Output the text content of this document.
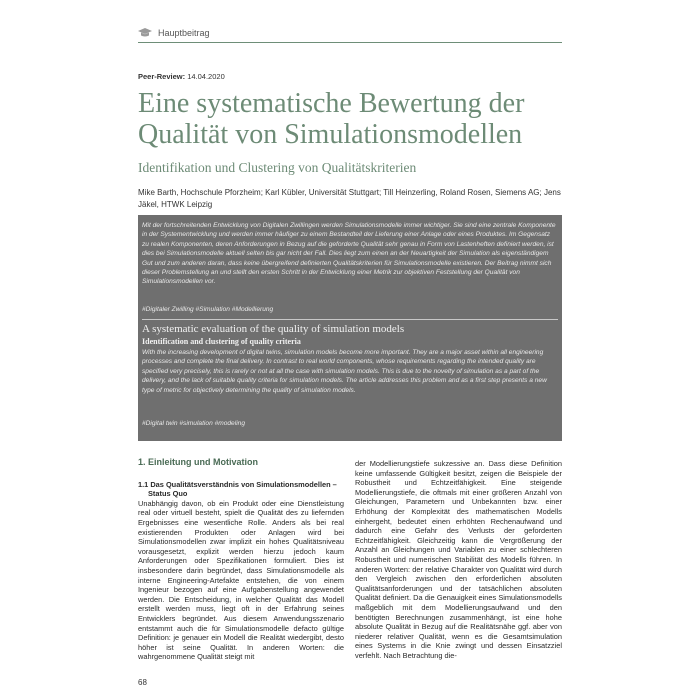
Hauptbeitrag
Peer-Review: 14.04.2020
Eine systematische Bewertung der Qualität von Simulationsmodellen
Identifikation und Clustering von Qualitätskriterien
Mike Barth, Hochschule Pforzheim; Karl Kübler, Universität Stuttgart; Till Heinzerling, Roland Rosen, Siemens AG; Jens Jäkel, HTWK Leipzig

Mit der fortschreitenden Entwicklung von Digitalen Zwillingen werden Simulationsmodelle immer wichtiger. Sie sind eine zentrale Komponente in der Systementwicklung und werden immer häufiger zu einem Bestandteil der Lieferung einer Anlage oder eines Produktes. Im Gegensatz zu realen Komponenten, deren Anforderungen in Bezug auf die geforderte Qualität sehr genau in Form von Lastenheften definiert werden, ist dies bei Simulationsmodelle aktuell selten bis gar nicht der Fall. Dies liegt zum einen an der Neuartigkeit der Simulation als eigenständigem Gut und zum anderen daran, dass keine übergreifend definierten Qualitätskriterien für Simulationsmodelle existieren. Der Beitrag nimmt sich dieser Problemstellung an und stellt den ersten Schritt in der Entwicklung einer Metrik zur objektiven Feststellung der Qualität von Simulationsmodellen vor.

#Digitaler Zwilling #Simulation #Modellierung
A systematic evaluation of the quality of simulation models
Identification and clustering of quality criteria

With the increasing development of digital twins, simulation models become more important. They are a major asset within all engineering processes and complete the final delivery. In contrast to real world components, whose requirements regarding the intended quality are specified very precisely, this is rarely or not at all the case with simulation models. This is due to the novelty of simulation as a part of the delivery, and the lack of suitable quality criteria for simulation models. The article addresses this problem and as a first step presents a new type of metric for objectively determining the quality of simulation models.

#Digital twin #simulation #modeling
1. Einleitung und Motivation
1.1 Das Qualitätsverständnis von Simulationsmodellen –
Status Quo

Unabhängig davon, ob ein Produkt oder eine Dienstleistung real oder virtuell besteht, spielt die Qualität des zu liefernden Ergebnisses eine wesentliche Rolle. Anders als bei real existierenden Produkten oder Anlagen wird bei Simulationsmodellen zwar implizit ein hohes Qualitätsniveau vorausgesetzt, explizit werden hierzu jedoch kaum Anforderungen oder Spezifikationen formuliert. Dies ist insbesondere darin begründet, dass Simulationsmodelle als interne Engineering-Artefakte entstehen, die von einem Ingenieur bezogen auf eine Aufgabenstellung angewendet werden. Die Entscheidung, in welcher Qualität das Modell erstellt werden muss, liegt oft in der Erfahrung seines Entwicklers begründet. Aus diesem Anwendungsszenario entstammt auch die für Simulationsmodelle defacto gültige Definition: je genauer ein Modell die Realität wiedergibt, desto höher ist seine Qualität. In anderen Worten: die wahrgenommene Qualität steigt mit

der Modellierungstiefe sukzessive an. Dass diese Definition keine umfassende Gültigkeit besitzt, zeigen die Beispiele der Robustheit und Echtzeitfähigkeit. Eine steigende Modellierungstiefe, die oftmals mit einer größeren Anzahl von Gleichungen, Parametern und Unbekannten bzw. einer Erhöhung der Komplexität des mathematischen Modells einhergeht, bedeutet einen erhöhten Rechenaufwand und dadurch eine Gefahr des Verlusts der geforderten Echtzeitfähigkeit. Gleichzeitig kann die Vergrößerung der Anzahl an Gleichungen und Variablen zu einer schlechteren Robustheit und numerischen Stabilität des Modells führen. In anderen Worten: der relative Charakter von Qualität wird durch den Vergleich zwischen den erforderlichen absoluten Qualitätsanforderungen und der tatsächlichen absoluten Qualität definiert. Da die Genauigkeit eines Simulationsmodells maßgeblich mit dem Modellierungsaufwand und den benötigten Berechnungen zusammenhängt, ist eine hohe absolute Qualität in Bezug auf die Realitätsnähe ggf. aber von niederer relativer Qualität, wenn es die Gesamtsimulation eines Systems in die Knie zwingt und dessen Einsatzziel verfehlt. Nach Betrachtung die-

68
